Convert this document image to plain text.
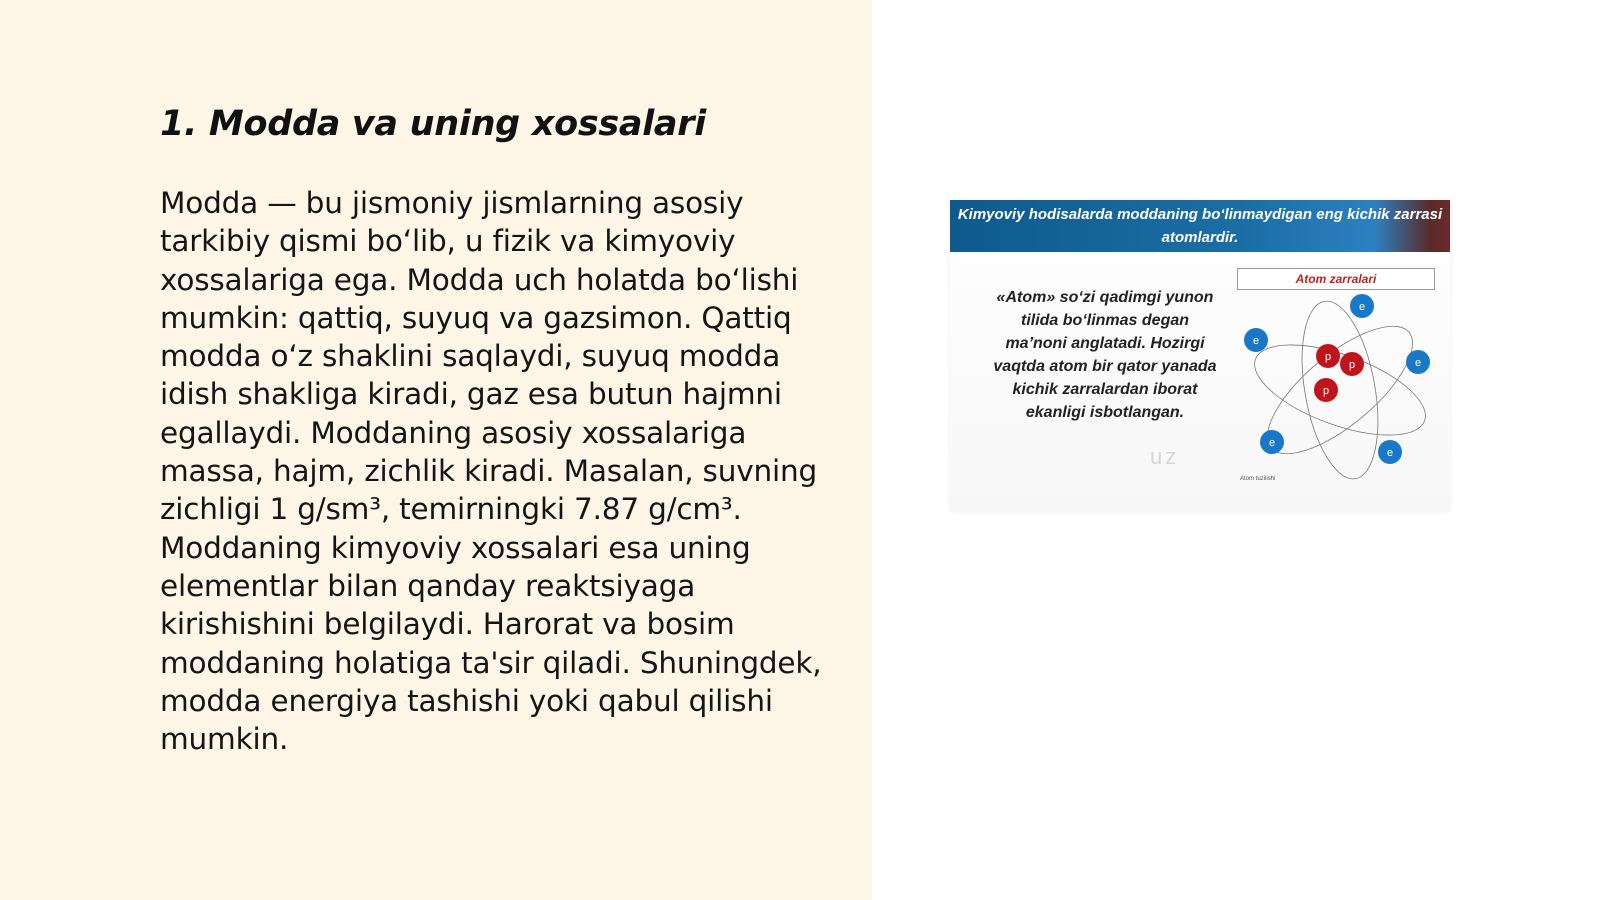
1. Modda va uning xossalari

Modda — bu jismoniy jismlarning asosiy tarkibiy qismi bo‘lib, u fizik va kimyoviy xossalariga ega. Modda uch holatda bo‘lishi mumkin: qattiq, suyuq va gazsimon. Qattiq modda o‘z shaklini saqlaydi, suyuq modda idish shakliga kiradi, gaz esa butun hajmni egallaydi. Moddaning asosiy xossalariga massa, hajm, zichlik kiradi. Masalan, suvning zichligi 1 g/sm³, temirningki 7.87 g/cm³. Moddaning kimyoviy xossalari esa uning elementlar bilan qanday reaktsiyaga kirishishini belgilaydi. Harorat va bosim moddaning holatiga ta'sir qiladi. Shuningdek, modda energiya tashishi yoki qabul qilishi mumkin.

Kimyoviy hodisalarda moddaning bo‘linmaydigan eng kichik zarrasi atomlardir.
«Atom» so‘zi qadimgi yunon tilida bo‘linmas degan ma’noni anglatadi. Hozirgi vaqtda atom bir qator yanada kichik zarralardan iborat ekanligi isbotlangan.
Atom zarralari
uz
p
p
p
e
e
e
e
e
Atom tuzilishi
